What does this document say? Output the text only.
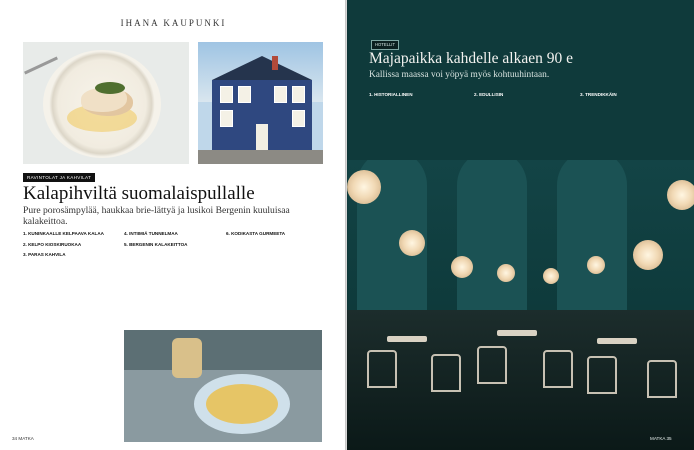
IHANA KAUPUNKI
RAVINTOLAT JA KAHVILAT
Kalapihviltä suomalaispullalle
Pure porosämpylää, haukkaa brie-lättyä ja lusikoi Bergenin kuuluisaa kalakeittoa.
1. KUNINKAALLE KELPAAVA KALAA
2. KELPO KIOSKIRUOKAA
3. PARAS KAHVILA
4. INTIIMIÄ TUNNELMAA
5. BERGENIN KALAKEITTOA
6. KODIKASTA GURMEETA
34 MATKA
HOTELLIT
Majapaikka kahdelle alkaen 90 e
Kallissa maassa voi yöpyä myös kohtuuhintaan.
1. HISTORIALLINEN	2. EDULLISIN	3. TRENDIKKÄIN
MATKA 35
